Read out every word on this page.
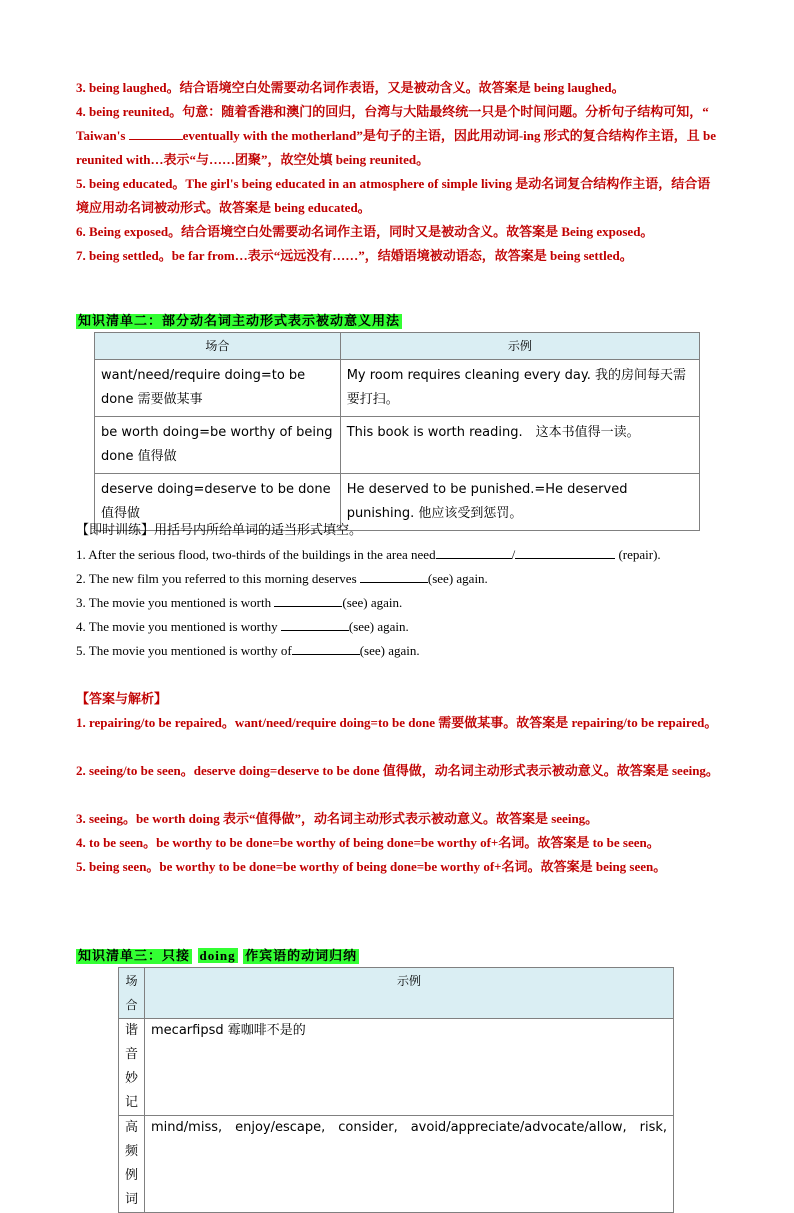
3. being laughed。结合语境空白处需要动名词作表语，又是被动含义。故答案是 being laughed。
4. being reunited。句意：随着香港和澳门的回归，台湾与大陆最终统一只是个时间问题。分析句子结构可知，“ Taiwan's	eventually with the motherland”是句子的主语，因此用动词-ing 形式的复合结构作主语，且 be reunited with…表示“与……团聚”，故空处填 being reunited。
5. being educated。The girl's being educated in an atmosphere of simple living 是动名词复合结构作主语，结合语境应用动名词被动形式。故答案是 being educated。
6. Being exposed。结合语境空白处需要动名词作主语，同时又是被动含义。故答案是 Being exposed。
7. being settled。be far from…表示“远远没有……”，结婚语境被动语态，故答案是 being settled。
知识清单二：部分动名词主动形式表示被动意义用法
场合	示例
want/need/require doing=to be done 需要做某事	My room requires cleaning every day. 我的房间每天需要打扫。
be worth doing=be worthy of being done 值得做	This book is worth reading.　这本书值得一读。
deserve doing=deserve to be done 值得做	He deserved to be punished.=He deserved punishing. 他应该受到惩罚。
【即时训练】用括号内所给单词的适当形式填空。
1. After the serious flood, two-thirds of the buildings in the area need	/	(repair).
2. The new film you referred to this morning deserves	(see) again.
3. The movie you mentioned is worth	(see) again.
4. The movie you mentioned is worthy	(see) again.
5. The movie you mentioned is worthy of	(see) again.
【答案与解析】
1. repairing/to be repaired。want/need/require doing=to be done 需要做某事。故答案是 repairing/to be repaired。
2. seeing/to be seen。deserve doing=deserve to be done 值得做，动名词主动形式表示被动意义。故答案是 seeing。
3. seeing。be worth doing 表示“值得做”，动名词主动形式表示被动意义。故答案是 seeing。
4. to be seen。be worthy to be done=be worthy of being done=be worthy of+名词。故答案是 to be seen。
5. being seen。be worthy to be done=be worthy of being done=be worthy of+名词。故答案是 being seen。
知识清单三：只接 doing 作宾语的动词归纳
场合	示例
谐音妙记	mecarfipsd 霉咖啡不是的
高频例词	mind/miss,　enjoy/escape,　consider,　avoid/appreciate/advocate/allow,　risk,
